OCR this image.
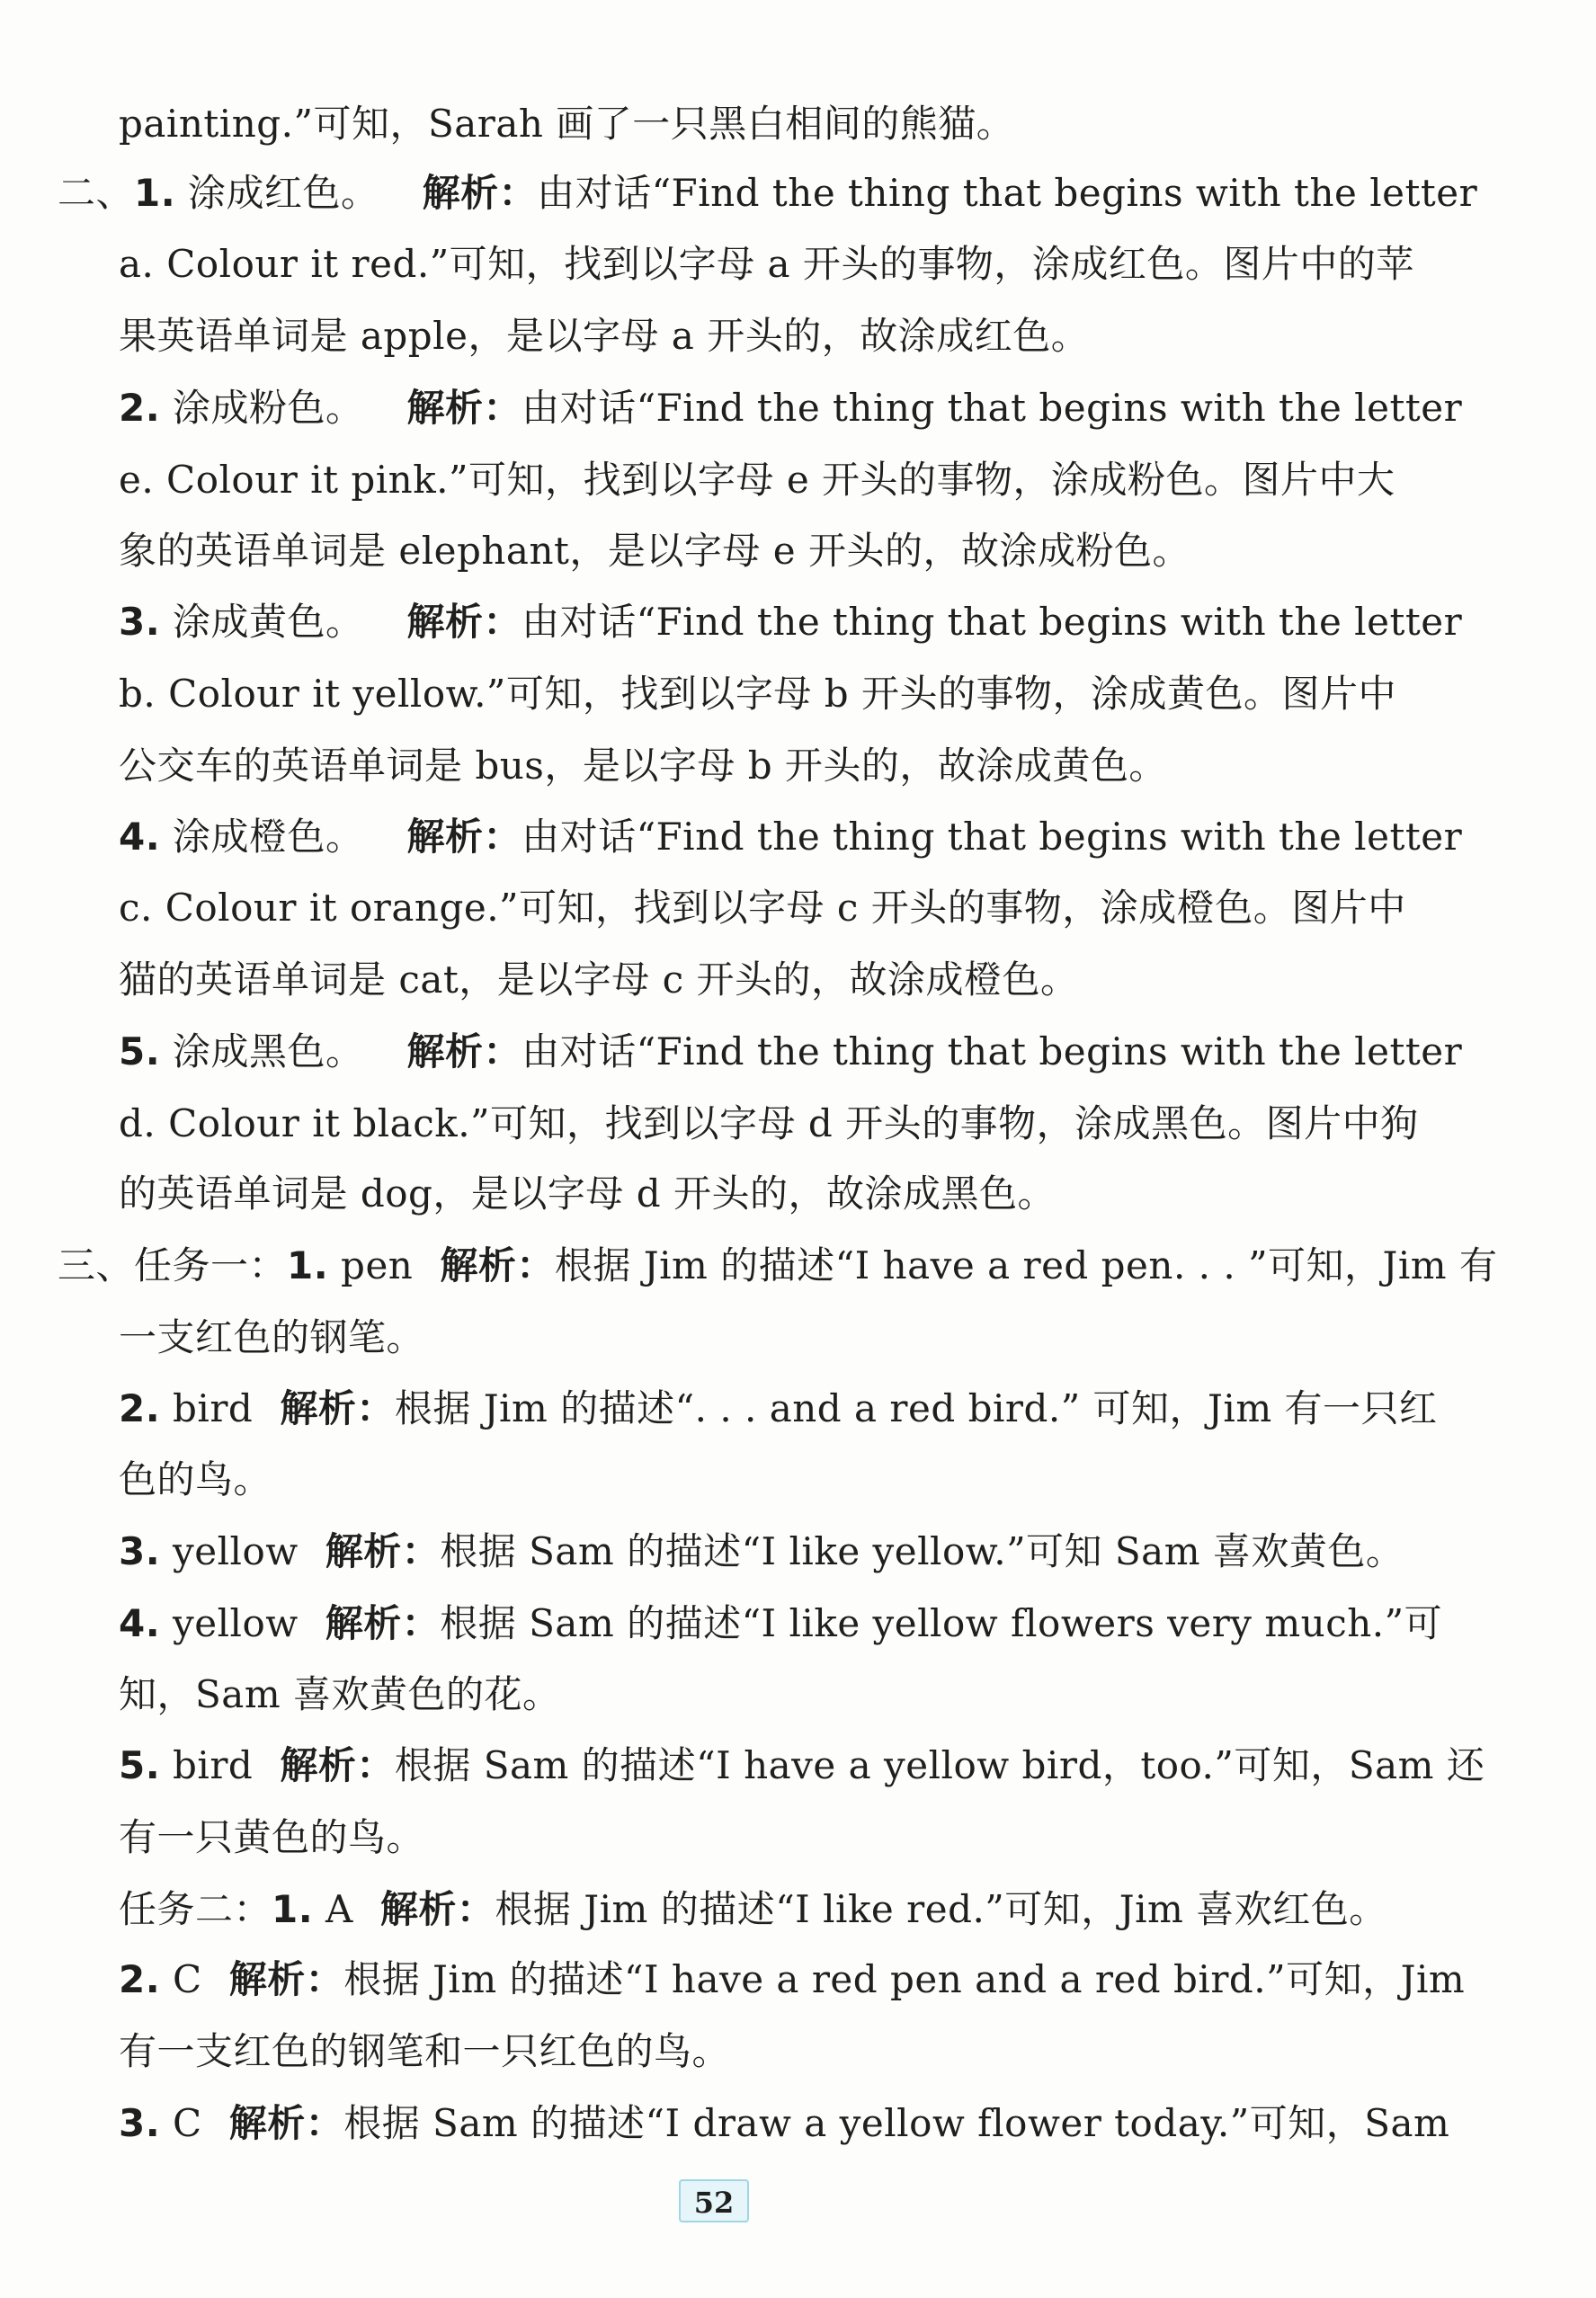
painting.”可知，Sarah 画了一只黑白相间的熊猫。
二、1. 涂成红色。 解析：由对话“Find the thing that begins with the letter
a. Colour it red.”可知，找到以字母 a 开头的事物，涂成红色。图片中的苹
果英语单词是 apple，是以字母 a 开头的，故涂成红色。
2. 涂成粉色。 解析：由对话“Find the thing that begins with the letter
e. Colour it pink.”可知，找到以字母 e 开头的事物，涂成粉色。图片中大
象的英语单词是 elephant，是以字母 e 开头的，故涂成粉色。
3. 涂成黄色。 解析：由对话“Find the thing that begins with the letter
b. Colour it yellow.”可知，找到以字母 b 开头的事物，涂成黄色。图片中
公交车的英语单词是 bus，是以字母 b 开头的，故涂成黄色。
4. 涂成橙色。 解析：由对话“Find the thing that begins with the letter
c. Colour it orange.”可知，找到以字母 c 开头的事物，涂成橙色。图片中
猫的英语单词是 cat，是以字母 c 开头的，故涂成橙色。
5. 涂成黑色。 解析：由对话“Find the thing that begins with the letter
d. Colour it black.”可知，找到以字母 d 开头的事物，涂成黑色。图片中狗
的英语单词是 dog，是以字母 d 开头的，故涂成黑色。
三、任务一：1. pen 解析：根据 Jim 的描述“I have a red pen. . . ”可知，Jim 有
一支红色的钢笔。
2. bird 解析：根据 Jim 的描述“. . . and a red bird.” 可知，Jim 有一只红
色的鸟。
3. yellow 解析：根据 Sam 的描述“I like yellow.”可知 Sam 喜欢黄色。
4. yellow 解析：根据 Sam 的描述“I like yellow flowers very much.”可
知，Sam 喜欢黄色的花。
5. bird 解析：根据 Sam 的描述“I have a yellow bird，too.”可知，Sam 还
有一只黄色的鸟。
任务二：1. A 解析：根据 Jim 的描述“I like red.”可知，Jim 喜欢红色。
2. C 解析：根据 Jim 的描述“I have a red pen and a red bird.”可知，Jim
有一支红色的钢笔和一只红色的鸟。
3. C 解析：根据 Sam 的描述“I draw a yellow flower today.”可知，Sam
52
